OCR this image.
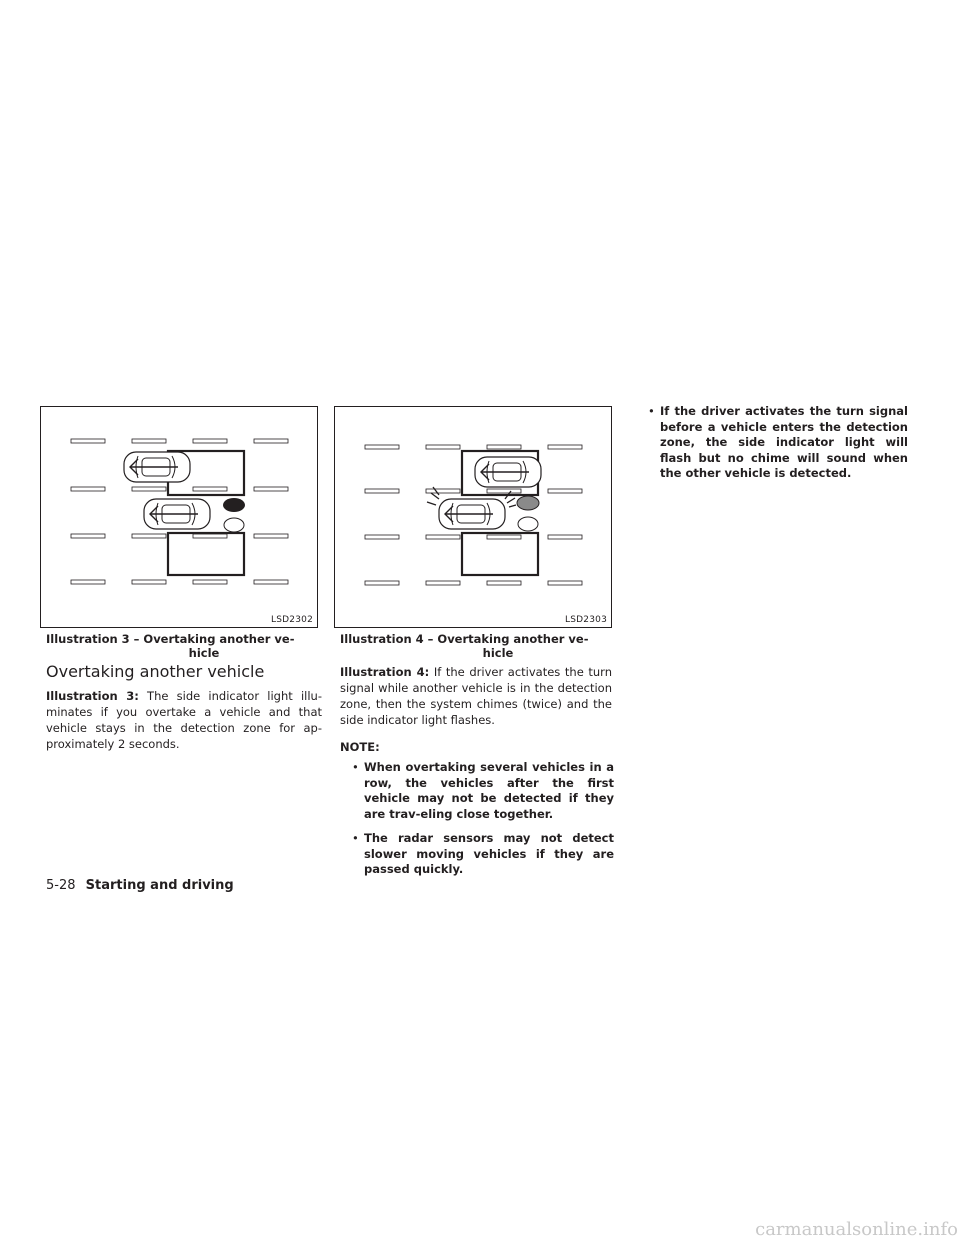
LSD2302	LSD2303
Illustration 3 – Overtaking another ve-
hicle
Illustration 4 – Overtaking another ve-
hicle
Overtaking another vehicle

Illustration 3: The side indicator light illu-minates if you overtake a vehicle and that vehicle stays in the detection zone for ap-proximately 2 seconds.

Illustration 4: If the driver activates the turn signal while another vehicle is in the detection zone, then the system chimes (twice) and the side indicator light flashes.

NOTE:

• When overtaking several vehicles in a row, the vehicles after the first vehicle may not be detected if they are trav-eling close together.
• The radar sensors may not detect slower moving vehicles if they are passed quickly.
• If the driver activates the turn signal before a vehicle enters the detection zone, the side indicator light will flash but no chime will sound when the other vehicle is detected.
5-28 Starting and driving
carmanualsonline.info
